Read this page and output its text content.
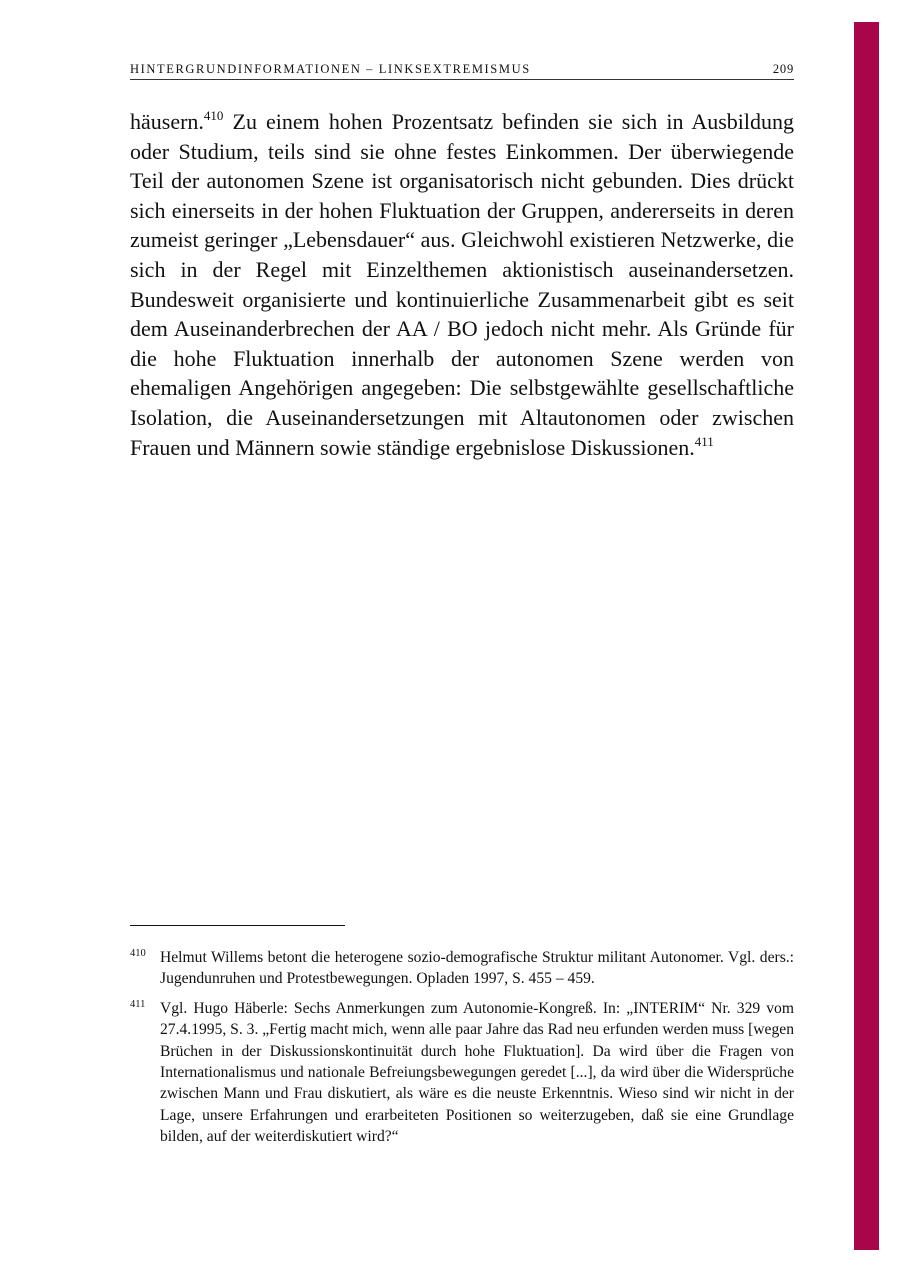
HINTERGRUNDINFORMATIONEN – LINKSEXTREMISMUS	209

häusern.$^{410}$ Zu einem hohen Prozentsatz befinden sie sich in Ausbildung oder Studium, teils sind sie ohne festes Einkommen. Der überwiegende Teil der autonomen Szene ist organisatorisch nicht gebunden. Dies drückt sich einerseits in der hohen Fluktuation der Gruppen, andererseits in deren zumeist geringer „Lebensdauer“ aus. Gleichwohl existieren Netzwerke, die sich in der Regel mit Einzelthemen aktionistisch auseinandersetzen. Bundesweit organisierte und kontinuierliche Zusammenarbeit gibt es seit dem Auseinanderbrechen der AA / BO jedoch nicht mehr. Als Gründe für die hohe Fluktuation innerhalb der autonomen Szene werden von ehemaligen Angehörigen angegeben: Die selbstgewählte gesellschaftliche Isolation, die Auseinandersetzungen mit Altautonomen oder zwischen Frauen und Männern sowie ständige ergebnislose Diskussionen.$^{411}$

410 Helmut Willems betont die heterogene sozio-demografische Struktur militant Autonomer. Vgl. ders.: Jugendunruhen und Protestbewegungen. Opladen 1997, S. 455 – 459.
411 Vgl. Hugo Häberle: Sechs Anmerkungen zum Autonomie-Kongreß. In: „INTERIM“ Nr. 329 vom 27.4.1995, S. 3. „Fertig macht mich, wenn alle paar Jahre das Rad neu erfunden werden muss [wegen Brüchen in der Diskussionskontinuität durch hohe Fluktuation]. Da wird über die Fragen von Internationalismus und nationale Befreiungsbewegungen geredet [...], da wird über die Widersprüche zwischen Mann und Frau diskutiert, als wäre es die neuste Erkenntnis. Wieso sind wir nicht in der Lage, unsere Erfahrungen und erarbeiteten Positionen so weiterzugeben, daß sie eine Grundlage bilden, auf der weiterdiskutiert wird?“
